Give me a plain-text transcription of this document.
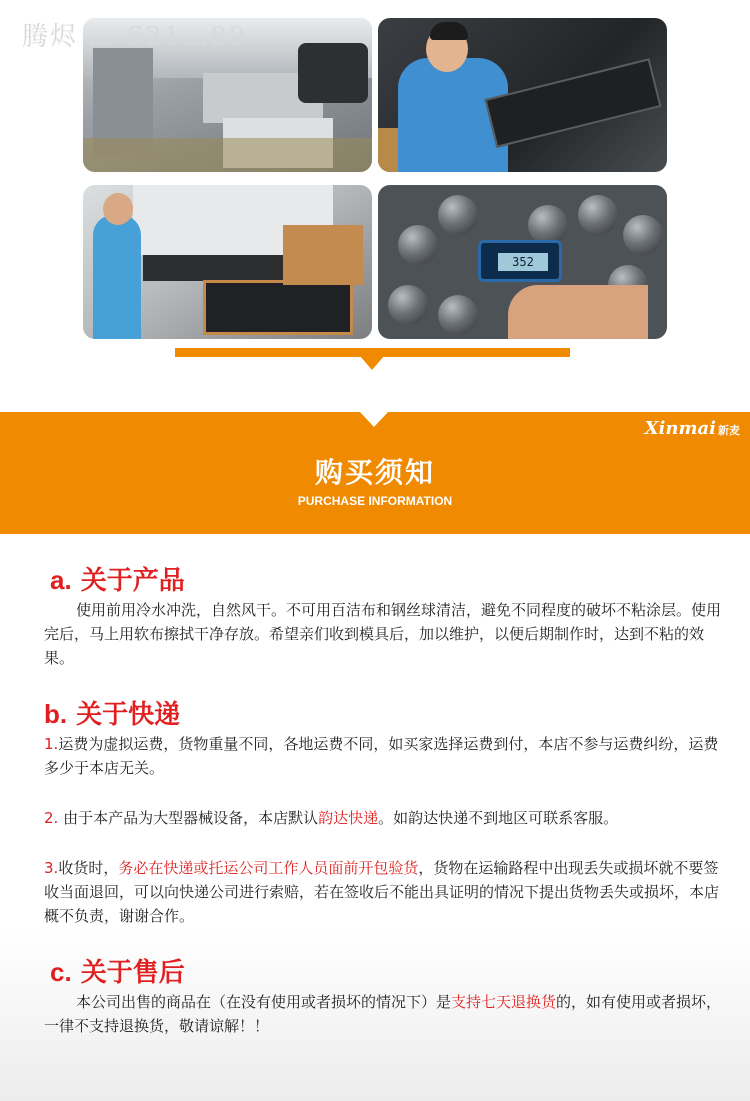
腾烬 … 621…89
352
Xinmai 新麦
购买须知
PURCHASE INFORMATION
a. 关于产品
使用前用冷水冲洗，自然风干。不可用百洁布和钢丝球清洁，避免不同程度的破坏不粘涂层。使用完后，马上用软布擦拭干净存放。希望亲们收到模具后，加以维护，以便后期制作时，达到不粘的效果。
b. 关于快递
1.运费为虚拟运费，货物重量不同，各地运费不同，如买家选择运费到付，本店不参与运费纠纷，运费多少于本店无关。
2. 由于本产品为大型器械设备，本店默认韵达快递。如韵达快递不到地区可联系客服。
3.收货时，务必在快递或托运公司工作人员面前开包验货，货物在运输路程中出现丢失或损坏就不要签收当面退回，可以向快递公司进行索赔，若在签收后不能出具证明的情况下提出货物丢失或损坏，本店概不负责，谢谢合作。
c. 关于售后
本公司出售的商品在（在没有使用或者损坏的情况下）是支持七天退换货的，如有使用或者损坏，一律不支持退换货，敬请谅解！！
